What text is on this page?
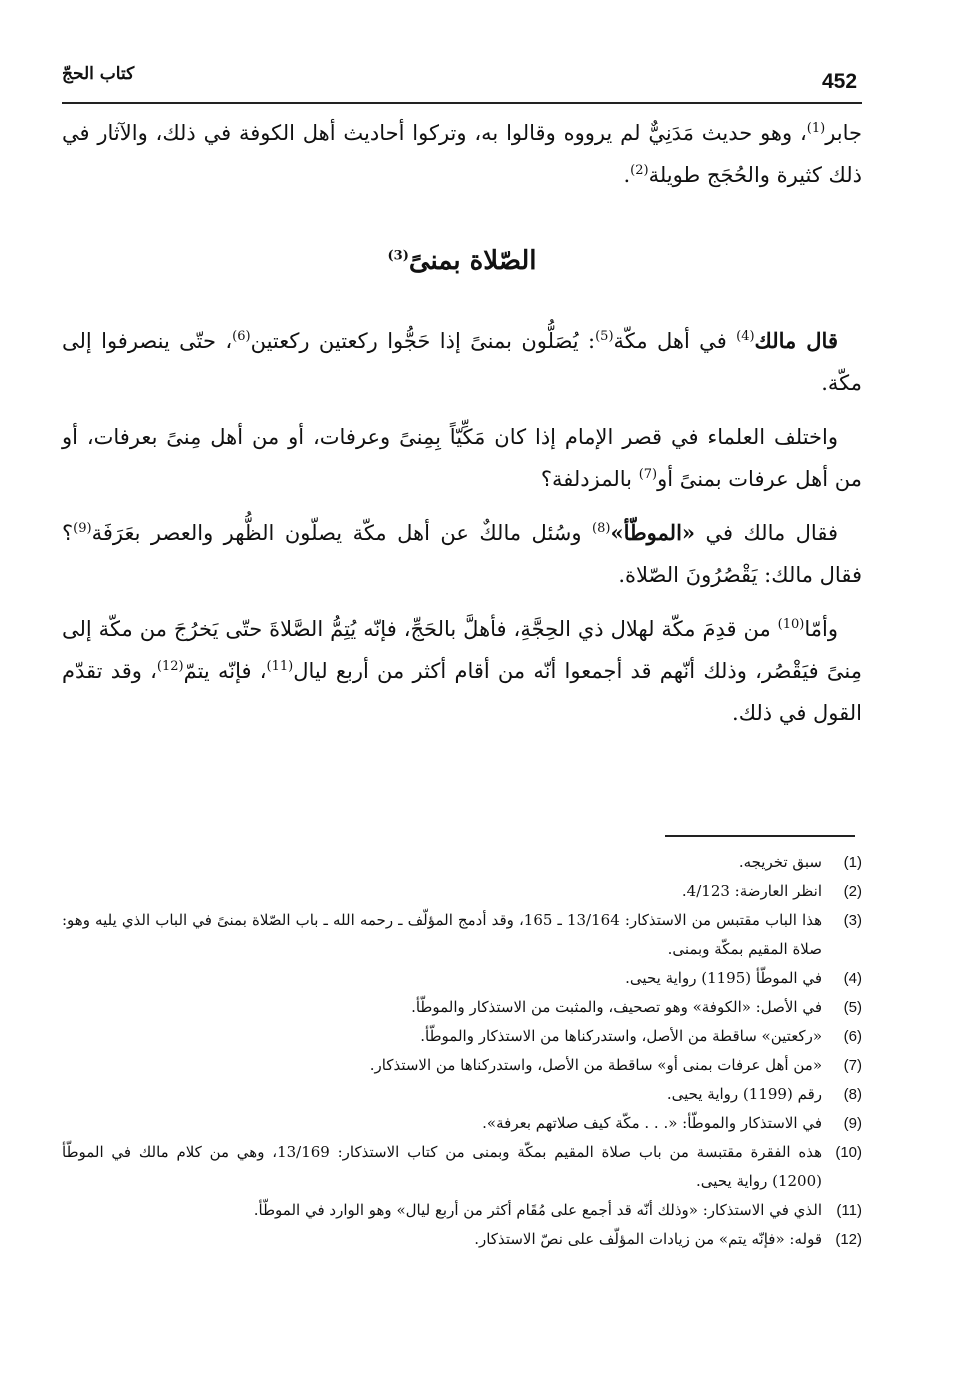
452
كتاب الحجّ

جابر$^{(1)}$، وهو حديث مَدَنِيٌّ لم يرووه وقالوا به، وتركوا أحاديث أهل الكوفة في ذلك، والآثار في ذلك كثيرة والحُجَج طويلة$^{(2)}$.

الصّلاة بمنىً$^{(3)}$

قال مالك$^{(4)}$ في أهل مكّة$^{(5)}$: يُصَلُّون بمنىً إذا حَجُّوا ركعتين ركعتين$^{(6)}$، حتّى ينصرفوا إلى مكّة.

واختلف العلماء في قصر الإمام إذا كان مَكِّيّاً بِمِنىً وعرفات، أو من أهل مِنىً بعرفات، أو من أهل عرفات بمنىً أو$^{(7)}$ بالمزدلفة؟

فقال مالك في «الموطّأ»$^{(8)}$ وسُئل مالكٌ عن أهل مكّة يصلّون الظُّهر والعصر بعَرَفَة$^{(9)}$؟ فقال مالك: يَقْصُرُونَ الصّلاة.

وأمّا$^{(10)}$ من قدِمَ مكّة لهلال ذي الحِجَّةِ، فأهلَّ بالحَجِّ، فإنّه يُتِمُّ الصَّلاةَ حتّى يَخرُجَ من مكّة إلى مِنىً فيَقْصُر، وذلك أنّهم قد أجمعوا أنّه من أقام أكثر من أربع ليال$^{(11)}$، فإنّه يتمّ$^{(12)}$، وقد تقدّم القول في ذلك.

(1)
سبق تخريجه.
(2)
انظر العارضة: 4/123.
(3)
هذا الباب مقتبس من الاستذكار: 13/164 ـ 165، وقد أدمج المؤلّف ـ رحمه الله ـ باب الصّلاة بمنىً في الباب الذي يليه وهو: صلاة المقيم بمكّة وبمنى.
(4)
في الموطّأ (1195) رواية يحيى.
(5)
في الأصل: «الكوفة» وهو تصحيف، والمثبت من الاستذكار والموطّأ.
(6)
«ركعتين» ساقطة من الأصل، واستدركناها من الاستذكار والموطّأ.
(7)
«من أهل عرفات بمنى أو» ساقطة من الأصل، واستدركناها من الاستذكار.
(8)
رقم (1199) رواية يحيى.
(9)
في الاستذكار والموطّأ: «. . . مكّة كيف صلاتهم بعرفة».
(10)
هذه الفقرة مقتبسة من باب صلاة المقيم بمكّة وبمنى من كتاب الاستذكار: 13/169، وهي من كلام مالك في الموطّأ (1200) رواية يحيى.
(11)
الذي في الاستذكار: «وذلك أنّه قد أجمع على مُقَام أكثر من أربع ليال» وهو الوارد في الموطّأ.
(12)
قوله: «فإنّه يتم» من زيادات المؤلّف على نصّ الاستذكار.
